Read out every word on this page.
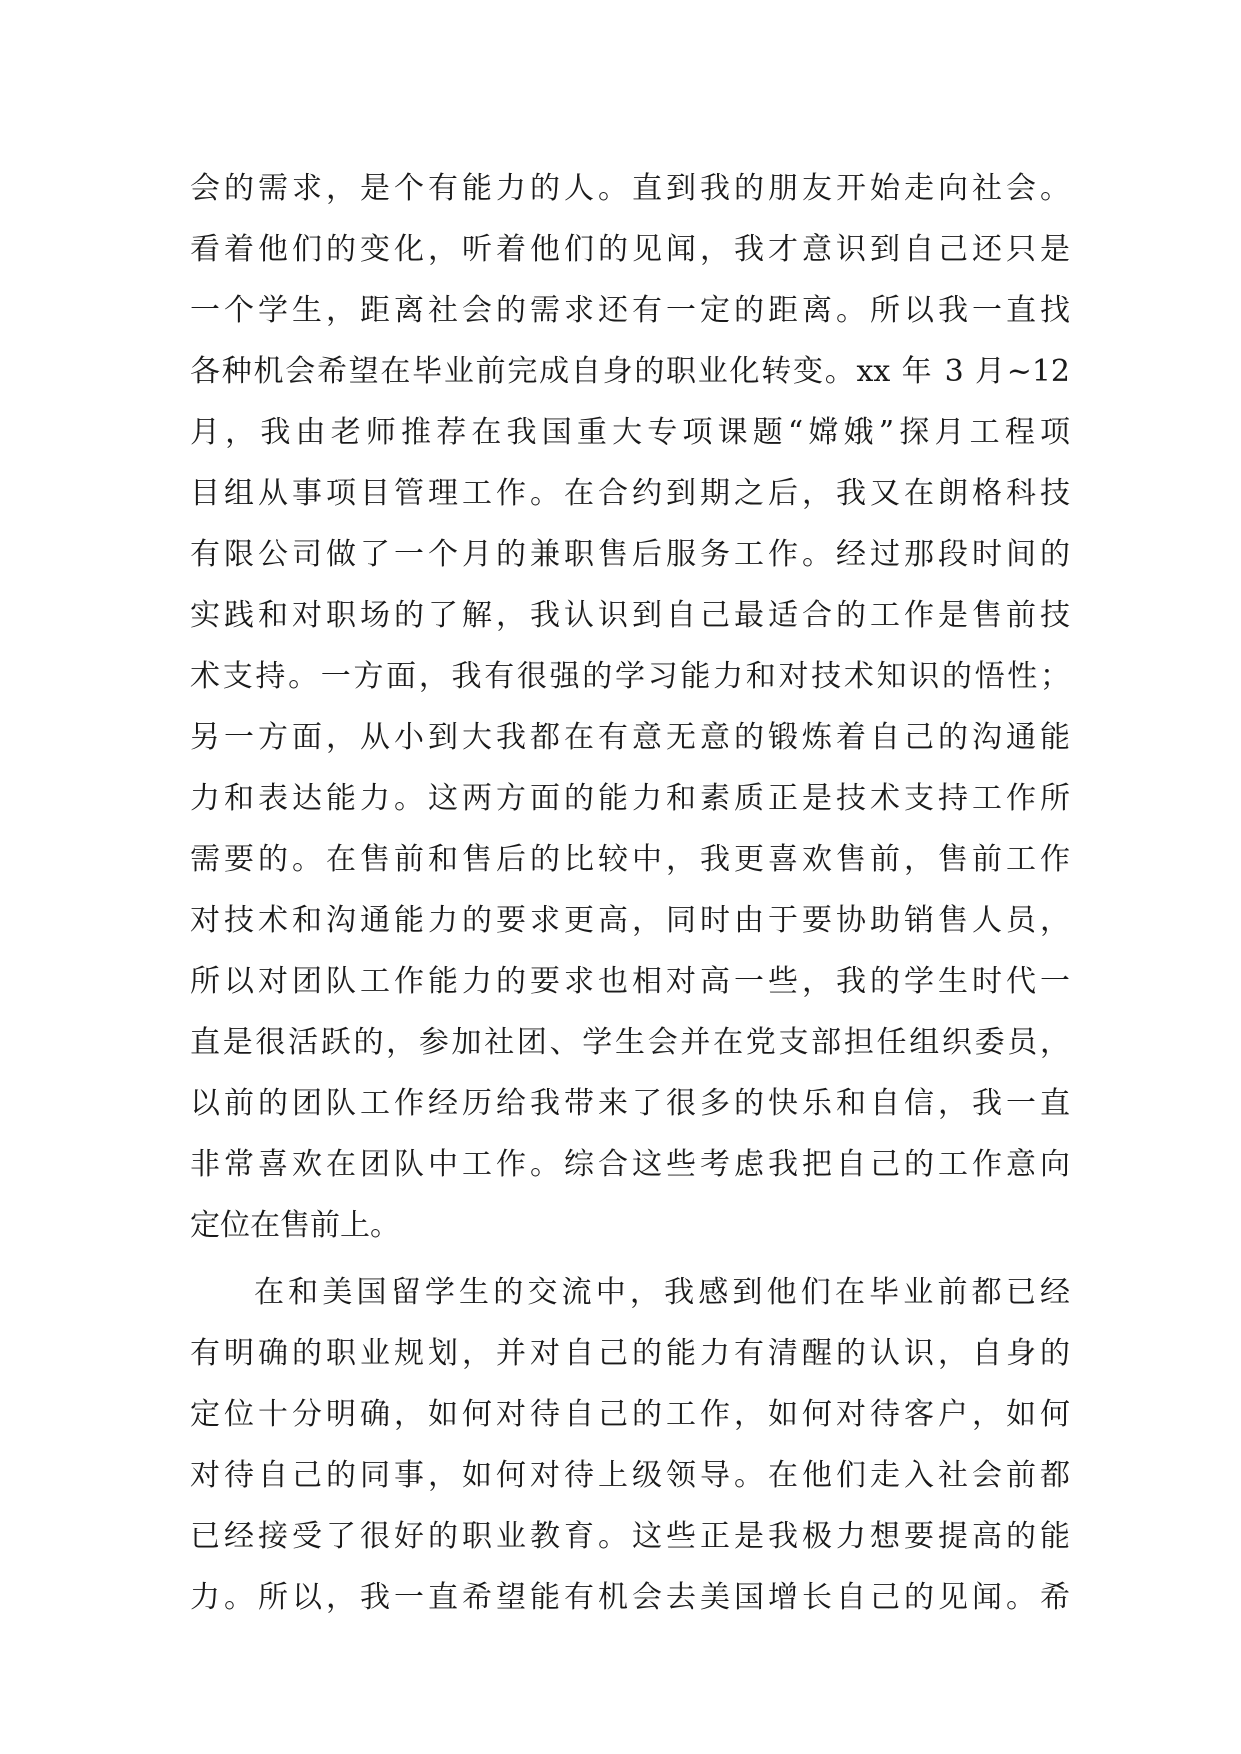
会的需求，是个有能力的人。直到我的朋友开始走向社会。
看着他们的变化，听着他们的见闻，我才意识到自己还只是
一个学生，距离社会的需求还有一定的距离。所以我一直找
各种机会希望在毕业前完成自身的职业化转变。xx 年 3 月~12
月，我由老师推荐在我国重大专项课题“嫦娥”探月工程项
目组从事项目管理工作。在合约到期之后，我又在朗格科技
有限公司做了一个月的兼职售后服务工作。经过那段时间的
实践和对职场的了解，我认识到自己最适合的工作是售前技
术支持。一方面，我有很强的学习能力和对技术知识的悟性；
另一方面，从小到大我都在有意无意的锻炼着自己的沟通能
力和表达能力。这两方面的能力和素质正是技术支持工作所
需要的。在售前和售后的比较中，我更喜欢售前，售前工作
对技术和沟通能力的要求更高，同时由于要协助销售人员，
所以对团队工作能力的要求也相对高一些，我的学生时代一
直是很活跃的，参加社团、学生会并在党支部担任组织委员，
以前的团队工作经历给我带来了很多的快乐和自信，我一直
非常喜欢在团队中工作。综合这些考虑我把自己的工作意向
定位在售前上。
在和美国留学生的交流中，我感到他们在毕业前都已经
有明确的职业规划，并对自己的能力有清醒的认识，自身的
定位十分明确，如何对待自己的工作，如何对待客户，如何
对待自己的同事，如何对待上级领导。在他们走入社会前都
已经接受了很好的职业教育。这些正是我极力想要提高的能
力。所以，我一直希望能有机会去美国增长自己的见闻。希
